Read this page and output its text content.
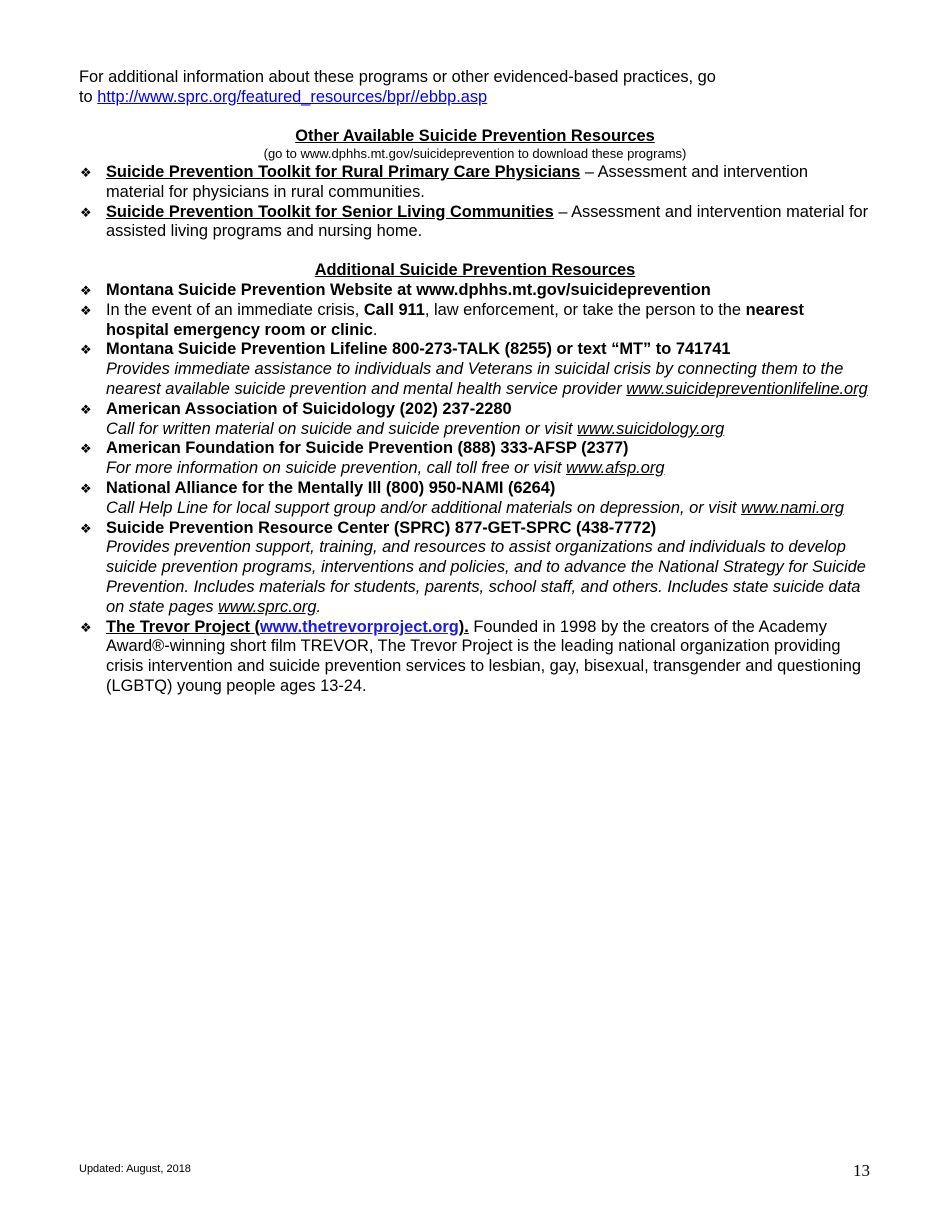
For additional information about these programs or other evidenced-based practices, go
to http://www.sprc.org/featured_resources/bpr//ebbp.asp
Other Available Suicide Prevention Resources
(go to www.dphhs.mt.gov/suicideprevention to download these programs)
❖ Suicide Prevention Toolkit for Rural Primary Care Physicians – Assessment and intervention material for physicians in rural communities.
❖ Suicide Prevention Toolkit for Senior Living Communities – Assessment and intervention material for assisted living programs and nursing home.
Additional Suicide Prevention Resources
❖ Montana Suicide Prevention Website at www.dphhs.mt.gov/suicideprevention
❖ In the event of an immediate crisis, Call 911, law enforcement, or take the person to the nearest hospital emergency room or clinic.
❖ Montana Suicide Prevention Lifeline 800-273-TALK (8255) or text “MT” to 741741
Provides immediate assistance to individuals and Veterans in suicidal crisis by connecting them to the nearest available suicide prevention and mental health service provider www.suicidepreventionlifeline.org
❖ American Association of Suicidology (202) 237-2280
Call for written material on suicide and suicide prevention or visit www.suicidology.org
❖ American Foundation for Suicide Prevention (888) 333-AFSP (2377)
For more information on suicide prevention, call toll free or visit www.afsp.org
❖ National Alliance for the Mentally Ill (800) 950-NAMI (6264)
Call Help Line for local support group and/or additional materials on depression, or visit www.nami.org
❖ Suicide Prevention Resource Center (SPRC) 877-GET-SPRC (438-7772)
Provides prevention support, training, and resources to assist organizations and individuals to develop suicide prevention programs, interventions and policies, and to advance the National Strategy for Suicide Prevention. Includes materials for students, parents, school staff, and others. Includes state suicide data on state pages www.sprc.org.
❖ The Trevor Project (www.thetrevorproject.org). Founded in 1998 by the creators of the Academy Award®-winning short film TREVOR, The Trevor Project is the leading national organization providing crisis intervention and suicide prevention services to lesbian, gay, bisexual, transgender and questioning (LGBTQ) young people ages 13-24.
Updated: August, 2018	13
